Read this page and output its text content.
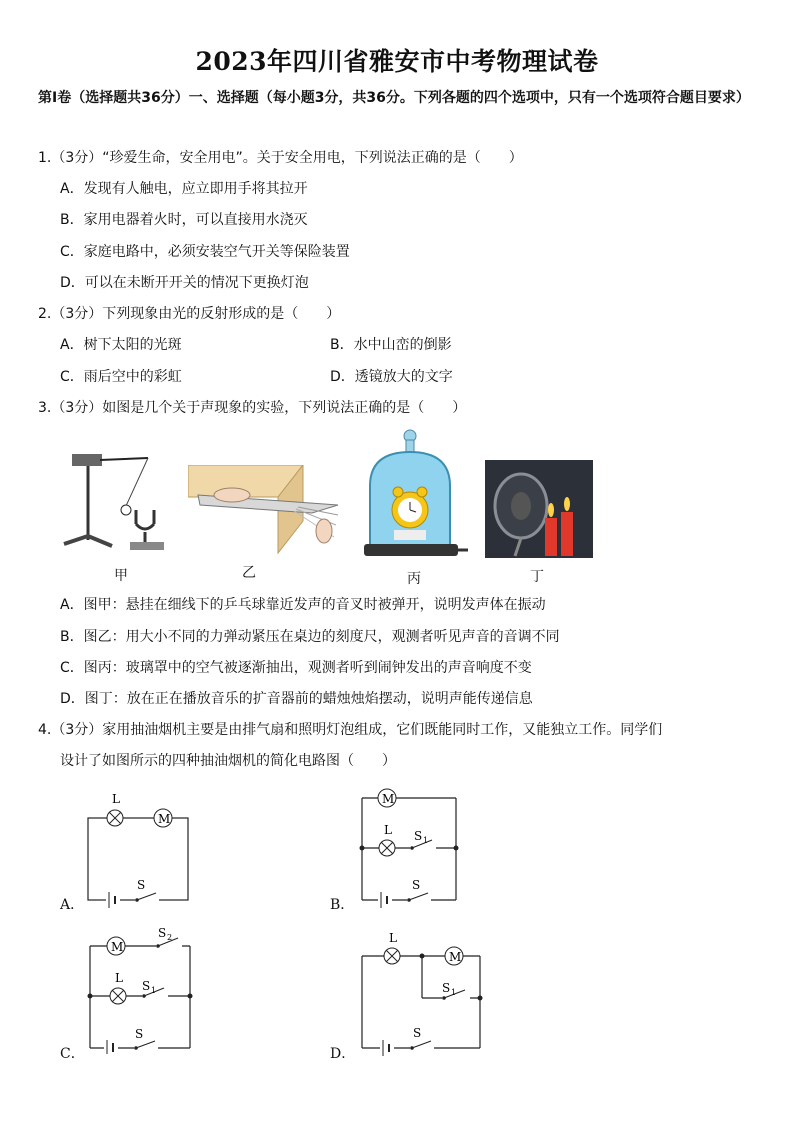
2023年四川省雅安市中考物理试卷
第Ⅰ卷（选择题共36分）一、选择题（每小题3分，共36分。下列各题的四个选项中，只有一个选项符合题目要求）
1.（3分）“珍爱生命，安全用电”。关于安全用电，下列说法正确的是（　　）
A．发现有人触电，应立即用手将其拉开
B．家用电器着火时，可以直接用水浇灭
C．家庭电路中，必须安装空气开关等保险装置
D．可以在未断开开关的情况下更换灯泡
2.（3分）下列现象由光的反射形成的是（　　）
A．树下太阳的光斑	B．水中山峦的倒影
C．雨后空中的彩虹	D．透镜放大的文字
3.（3分）如图是几个关于声现象的实验，下列说法正确的是（　　）
甲	乙	丙	丁
A．图甲：悬挂在细线下的乒乓球靠近发声的音叉时被弹开，说明发声体在振动
B．图乙：用大小不同的力弹动紧压在桌边的刻度尺，观测者听见声音的音调不同
C．图丙：玻璃罩中的空气被逐渐抽出，观测者听到闹钟发出的声音响度不变
D．图丁：放在正在播放音乐的扩音器前的蜡烛烛焰摆动，说明声能传递信息
4.（3分）家用抽油烟机主要是由排气扇和照明灯泡组成，它们既能同时工作，又能独立工作。同学们
设计了如图所示的四种抽油烟机的简化电路图（　　）
M
L
S
A．
M
L S 1
S
B．
M
S 2
L
S 1
S
C．
L
M
S 1
S
D．
